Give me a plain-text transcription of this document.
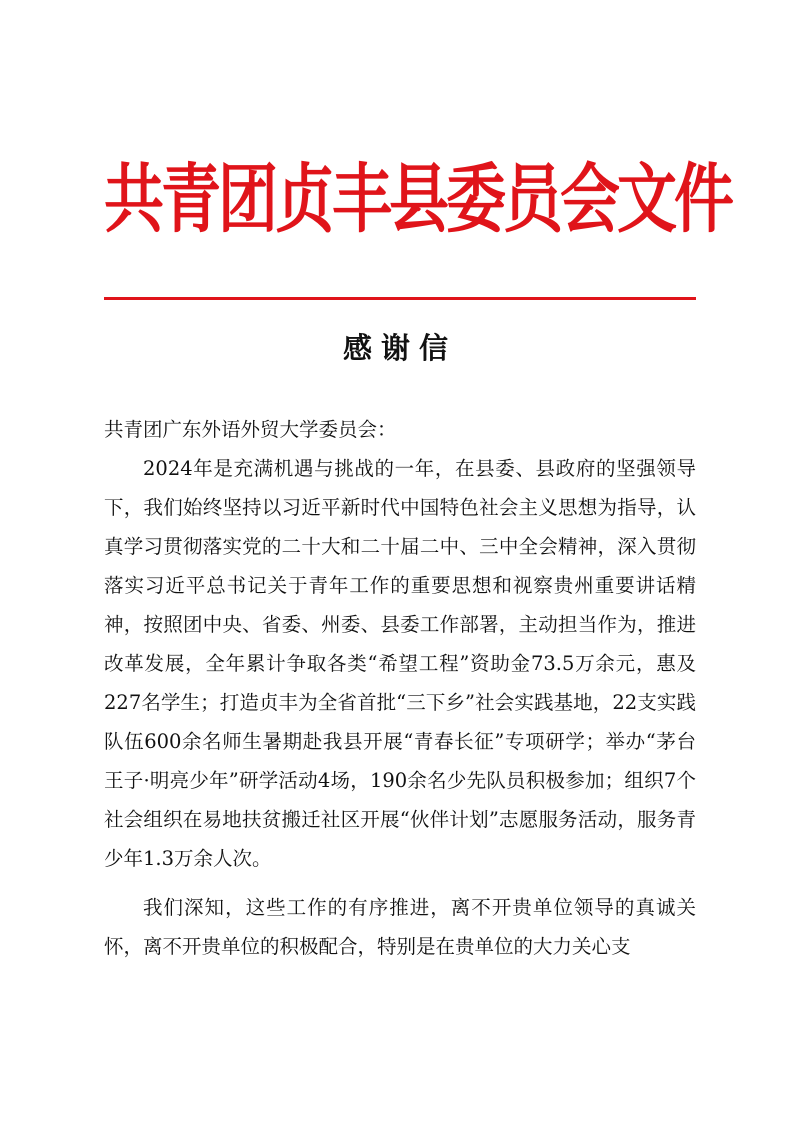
共青团贞丰县委员会文件
感谢信

共青团广东外语外贸大学委员会：

2024年是充满机遇与挑战的一年，在县委、县政府的坚强领导下，我们始终坚持以习近平新时代中国特色社会主义思想为指导，认真学习贯彻落实党的二十大和二十届二中、三中全会精神，深入贯彻落实习近平总书记关于青年工作的重要思想和视察贵州重要讲话精神，按照团中央、省委、州委、县委工作部署，主动担当作为，推进改革发展，全年累计争取各类“希望工程”资助金73.5万余元，惠及227名学生；打造贞丰为全省首批“三下乡”社会实践基地，22支实践队伍600余名师生暑期赴我县开展“青春长征”专项研学；举办“茅台王子·明亮少年”研学活动4场，190余名少先队员积极参加；组织7个社会组织在易地扶贫搬迁社区开展“伙伴计划”志愿服务活动，服务青少年1.3万余人次。

我们深知，这些工作的有序推进，离不开贵单位领导的真诚关怀，离不开贵单位的积极配合，特别是在贵单位的大力关心支
